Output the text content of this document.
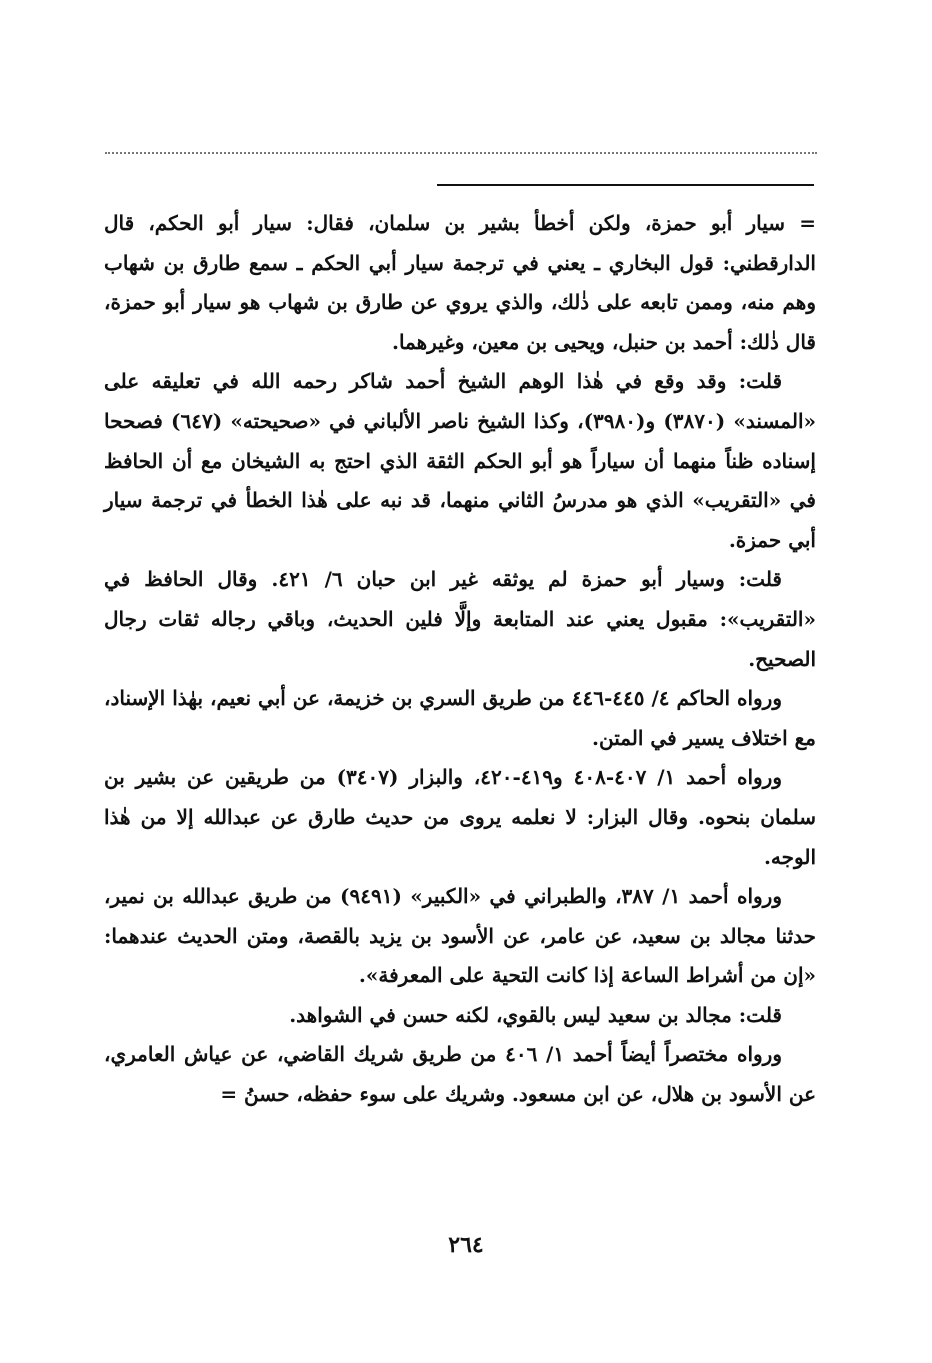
= سيار أبو حمزة، ولكن أخطأ بشير بن سلمان، فقال: سيار أبو الحكم، قال الدارقطني: قول البخاري ـ يعني في ترجمة سيار أبي الحكم ـ سمع طارق بن شهاب وهم منه، وممن تابعه على ذٰلك، والذي يروي عن طارق بن شهاب هو سيار أبو حمزة، قال ذٰلك: أحمد بن حنبل، ويحيى بن معين، وغيرهما.

قلت: وقد وقع في هٰذا الوهم الشيخ أحمد شاكر رحمه الله في تعليقه على «المسند» (٣٨٧٠) و(٣٩٨٠)، وكذا الشيخ ناصر الألباني في «صحيحته» (٦٤٧) فصححا إسناده ظناً منهما أن سياراً هو أبو الحكم الثقة الذي احتج به الشيخان مع أن الحافظ في «التقريب» الذي هو مدرسُ الثاني منهما، قد نبه على هٰذا الخطأ في ترجمة سيار أبي حمزة.

قلت: وسيار أبو حمزة لم يوثقه غير ابن حبان ٦/ ٤٢١. وقال الحافظ في «التقريب»: مقبول يعني عند المتابعة وإلَّا فلين الحديث، وباقي رجاله ثقات رجال الصحيح.

ورواه الحاكم ٤/ ٤٤٥-٤٤٦ من طريق السري بن خزيمة، عن أبي نعيم، بهٰذا الإسناد، مع اختلاف يسير في المتن.

ورواه أحمد ١/ ٤٠٧-٤٠٨ و٤١٩-٤٢٠، والبزار (٣٤٠٧) من طريقين عن بشير بن سلمان بنحوه. وقال البزار: لا نعلمه يروى من حديث طارق عن عبدالله إلا من هٰذا الوجه.

ورواه أحمد ١/ ٣٨٧، والطبراني في «الكبير» (٩٤٩١) من طريق عبدالله بن نمير، حدثنا مجالد بن سعيد، عن عامر، عن الأسود بن يزيد بالقصة، ومتن الحديث عندهما: «إن من أشراط الساعة إذا كانت التحية على المعرفة».

قلت: مجالد بن سعيد ليس بالقوي، لكنه حسن في الشواهد.

ورواه مختصراً أيضاً أحمد ١/ ٤٠٦ من طريق شريك القاضي، عن عياش العامري، عن الأسود بن هلال، عن ابن مسعود. وشريك على سوء حفظه، حسنُ =

٢٦٤
